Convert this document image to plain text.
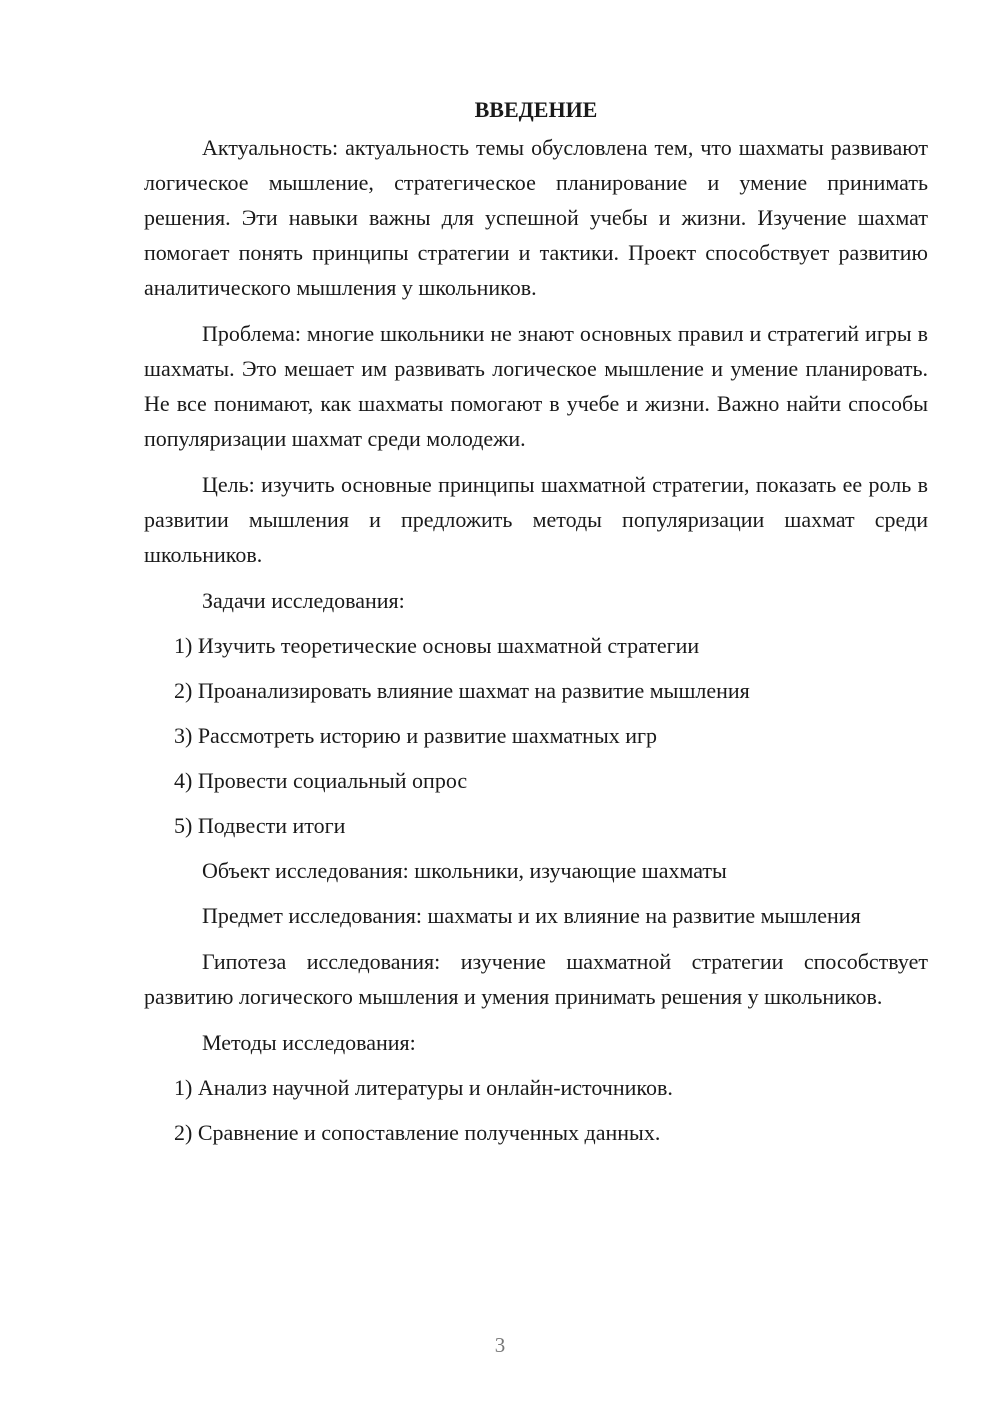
ВВЕДЕНИЕ

Актуальность: актуальность темы обусловлена тем, что шахматы развивают логическое мышление, стратегическое планирование и умение принимать решения. Эти навыки важны для успешной учебы и жизни. Изучение шахмат помогает понять принципы стратегии и тактики. Проект способствует развитию аналитического мышления у школьников.

Проблема: многие школьники не знают основных правил и стратегий игры в шахматы. Это мешает им развивать логическое мышление и умение планировать. Не все понимают, как шахматы помогают в учебе и жизни. Важно найти способы популяризации шахмат среди молодежи.

Цель: изучить основные принципы шахматной стратегии, показать ее роль в развитии мышления и предложить методы популяризации шахмат среди школьников.

Задачи исследования:

1) Изучить теоретические основы шахматной стратегии

2) Проанализировать влияние шахмат на развитие мышления

3) Рассмотреть историю и развитие шахматных игр

4) Провести социальный опрос

5) Подвести итоги

Объект исследования: школьники, изучающие шахматы

Предмет исследования: шахматы и их влияние на развитие мышления

Гипотеза исследования: изучение шахматной стратегии способствует развитию логического мышления и умения принимать решения у школьников.

Методы исследования:

1) Анализ научной литературы и онлайн-источников.

2) Сравнение и сопоставление полученных данных.

3
